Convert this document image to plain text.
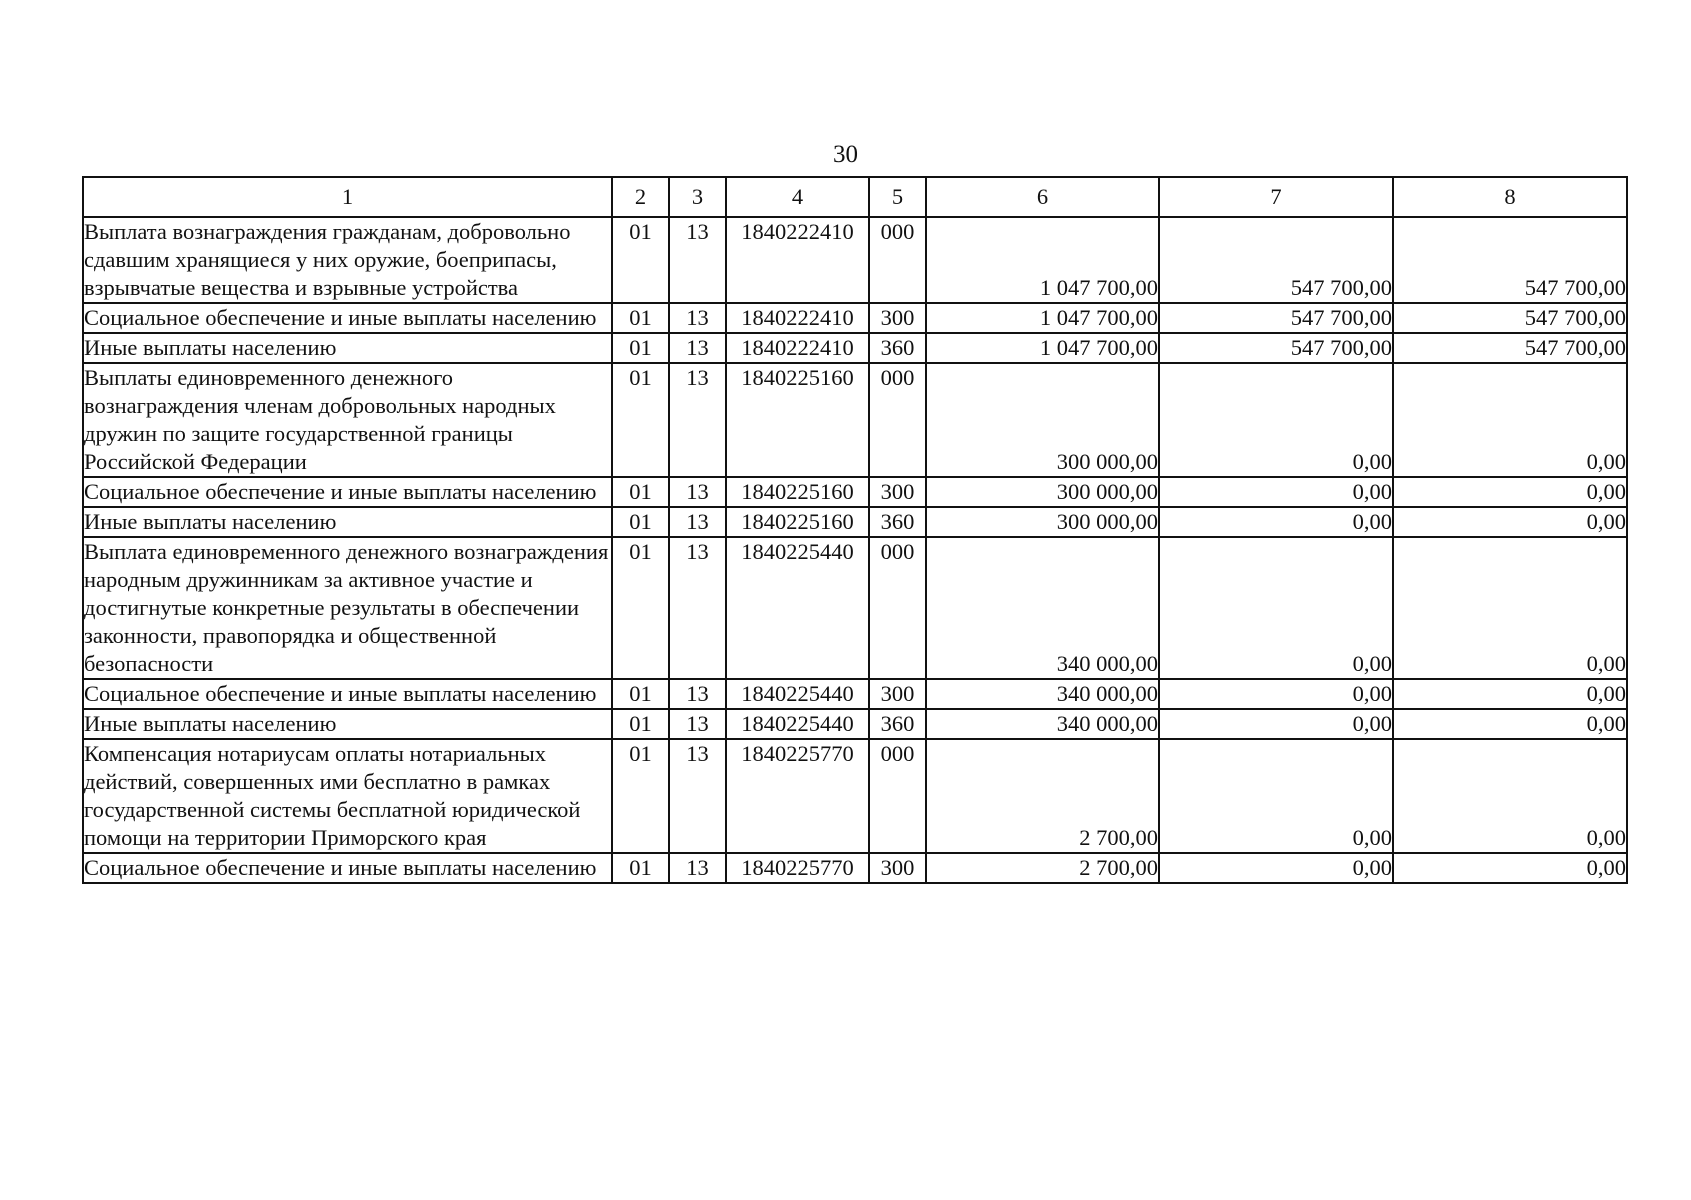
30
1	2	3	4	5	6	7	8
Выплата вознаграждения гражданам, добровольно сдавшим хранящиеся у них оружие, боеприпасы, взрывчатые вещества и взрывные устройства	01	13	1840222410	000	1 047 700,00	547 700,00	547 700,00
Социальное обеспечение и иные выплаты населению	01	13	1840222410	300	1 047 700,00	547 700,00	547 700,00
Иные выплаты населению	01	13	1840222410	360	1 047 700,00	547 700,00	547 700,00
Выплаты единовременного денежного вознаграждения членам добровольных народных дружин по защите государственной границы Российской Федерации	01	13	1840225160	000	300 000,00	0,00	0,00
Социальное обеспечение и иные выплаты населению	01	13	1840225160	300	300 000,00	0,00	0,00
Иные выплаты населению	01	13	1840225160	360	300 000,00	0,00	0,00
Выплата единовременного денежного вознаграждения народным дружинникам за активное участие и достигнутые конкретные результаты в обеспечении законности, правопорядка и общественной безопасности	01	13	1840225440	000	340 000,00	0,00	0,00
Социальное обеспечение и иные выплаты населению	01	13	1840225440	300	340 000,00	0,00	0,00
Иные выплаты населению	01	13	1840225440	360	340 000,00	0,00	0,00
Компенсация нотариусам оплаты нотариальных действий, совершенных ими бесплатно в рамках государственной системы бесплатной юридической помощи на территории Приморского края	01	13	1840225770	000	2 700,00	0,00	0,00
Социальное обеспечение и иные выплаты населению	01	13	1840225770	300	2 700,00	0,00	0,00
